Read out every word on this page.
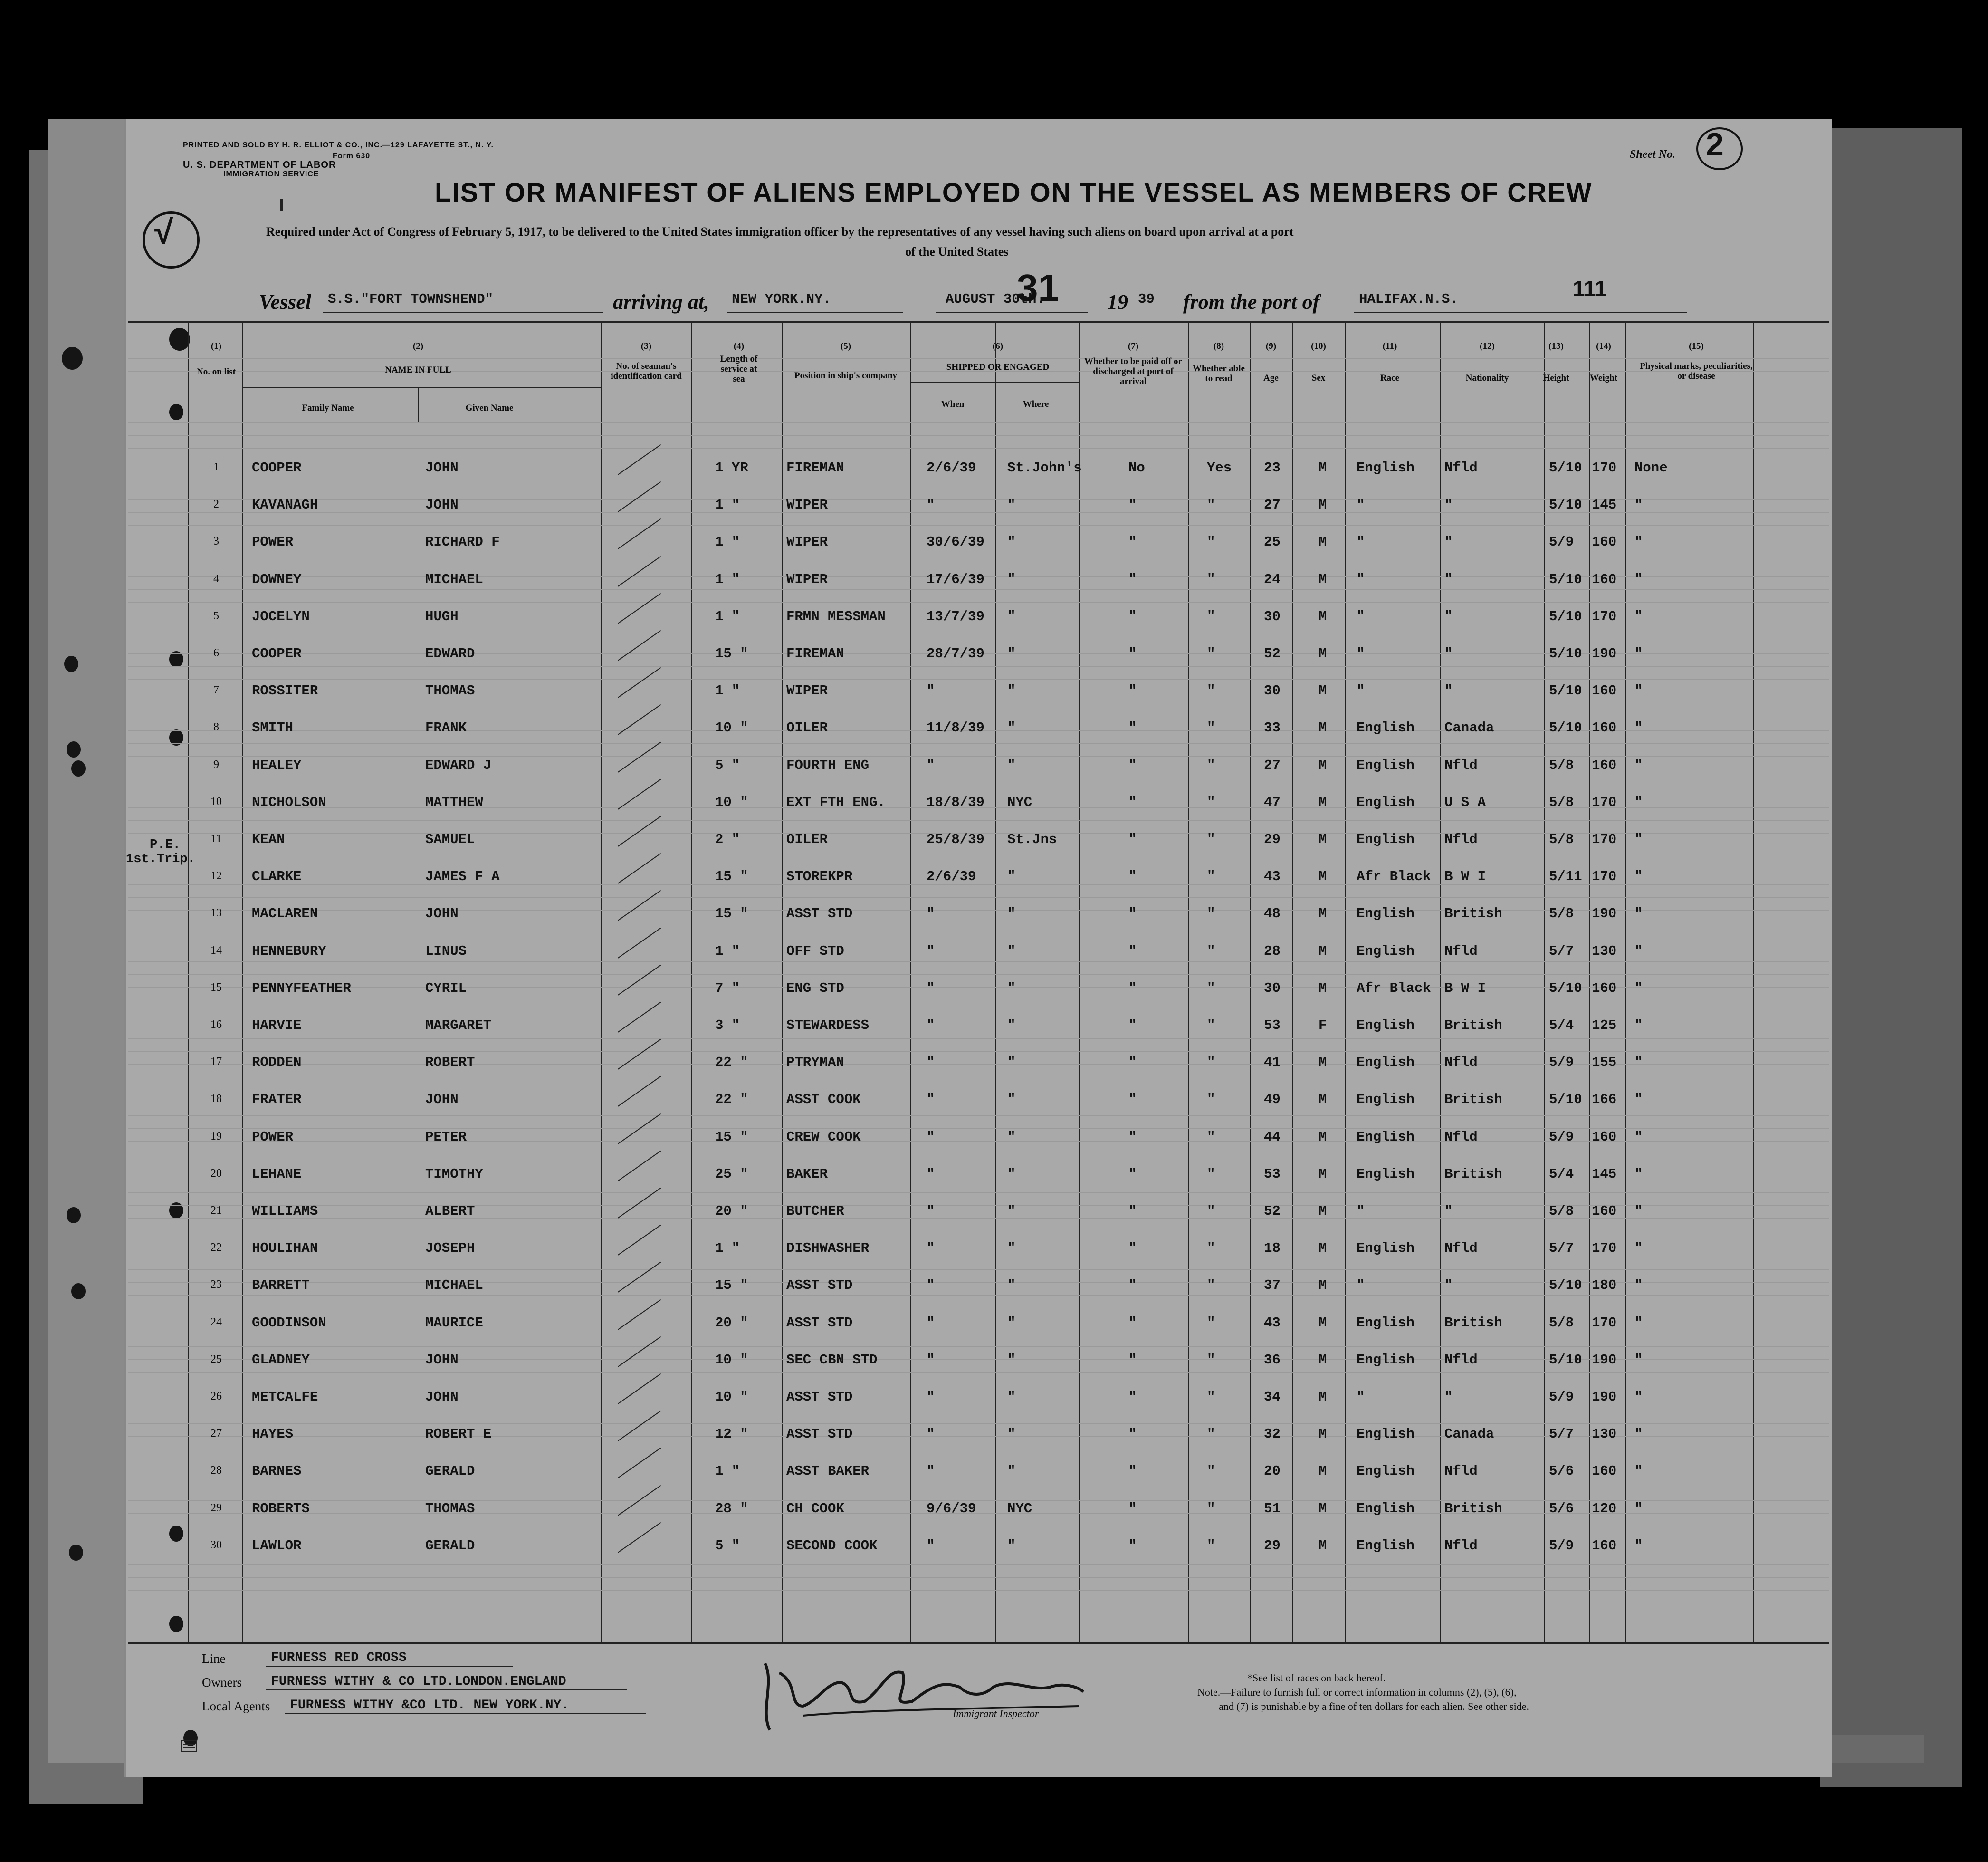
PRINTED AND SOLD BY H. R. ELLIOT & CO., INC.—129 LAFAYETTE ST., N. Y.
Form 630
U. S. DEPARTMENT OF LABOR
IMMIGRATION SERVICE
Sheet No. 2
√
LIST OR MANIFEST OF ALIENS EMPLOYED ON THE VESSEL AS MEMBERS OF CREW
Required under Act of Congress of February 5, 1917, to be delivered to the United States immigration officer by the representatives of any vessel having such aliens on board upon arrival at a port
of the United States
Vessel S.S."FORT TOWNSHEND"	arriving at, NEW YORK.NY.	AUGUST 30th.
31 19 39 from the port of	HALIFAX.N.S.	111
(1)
No. on list
(2)
NAME IN FULL
Family Name	Given Name
(3)
No. of seaman's identification card
(4)
Length of service at sea
(5)
Position in ship's company
(6)
SHIPPED OR ENGAGED
When	Where
(7)
Whether to be paid off or discharged at port of arrival
(8)
Whether able to read
(9)
Age
(10)
Sex
(11)
Race
(12)
Nationality
(13)
Height
(14)
Weight
(15)
Physical marks, peculiarities, or disease
P.E.
1st.Trip.
1	COOPER	JOHN	1 YR	FIREMAN	2/6/39 St.John's	No	Yes 23	M English Nfld	5/10 170 None
2	KAVANAGH	JOHN	1 "	WIPER	"	"	"	"	27	M "	"	5/10 145 "
3	POWER	RICHARD F	1 "	WIPER	30/6/39 "	"	"	25	M "	"	5/9 160 "
4	DOWNEY	MICHAEL	1 "	WIPER	17/6/39 "	"	"	24	M "	"	5/10 160 "
5	JOCELYN	HUGH	1 "	FRMN MESSMAN	13/7/39 "	"	"	30	M "	"	5/10 170 "
6	COOPER	EDWARD	15 "	FIREMAN	28/7/39 "	"	"	52	M "	"	5/10 190 "
7	ROSSITER	THOMAS	1 "	WIPER	"	"	"	"	30	M "	"	5/10 160 "
8	SMITH	FRANK	10 "	OILER	11/8/39 "	"	"	33	M English Canada	5/10 160 "
9	HEALEY	EDWARD J	5 "	FOURTH ENG	"	"	"	"	27	M English Nfld	5/8 160 "
10	NICHOLSON	MATTHEW	10 "	EXT FTH ENG.	18/8/39 NYC	"	"	47	M English U S A	5/8 170 "
11	KEAN	SAMUEL	2 "	OILER	25/8/39 St.Jns	"	"	29	M English Nfld	5/8 170 "
12	CLARKE	JAMES F A	15 "	STOREKPR	2/6/39 "	"	"	43	M Afr Black B W I	5/11 170 "
13	MACLAREN	JOHN	15 "	ASST STD	"	"	"	"	48	M English British	5/8 190 "
14	HENNEBURY	LINUS	1 "	OFF STD	"	"	"	"	28	M English Nfld	5/7 130 "
15	PENNYFEATHER	CYRIL	7 "	ENG STD	"	"	"	"	30	M Afr Black B W I	5/10 160 "
16	HARVIE	MARGARET	3 "	STEWARDESS	"	"	"	"	53	F English British	5/4 125 "
17	RODDEN	ROBERT	22 "	PTRYMAN	"	"	"	"	41	M English Nfld	5/9 155 "
18	FRATER	JOHN	22 "	ASST COOK	"	"	"	"	49	M English British	5/10 166 "
19	POWER	PETER	15 "	CREW COOK	"	"	"	"	44	M English Nfld	5/9 160 "
20	LEHANE	TIMOTHY	25 "	BAKER	"	"	"	"	53	M English British	5/4 145 "
21	WILLIAMS	ALBERT	20 "	BUTCHER	"	"	"	"	52	M "	"	5/8 160 "
22	HOULIHAN	JOSEPH	1 "	DISHWASHER	"	"	"	"	18	M English Nfld	5/7 170 "
23	BARRETT	MICHAEL	15 "	ASST STD	"	"	"	"	37	M "	"	5/10 180 "
24	GOODINSON	MAURICE	20 "	ASST STD	"	"	"	"	43	M English British	5/8 170 "
25	GLADNEY	JOHN	10 "	SEC CBN STD	"	"	"	"	36	M English Nfld	5/10 190 "
26	METCALFE	JOHN	10 "	ASST STD	"	"	"	"	34	M "	"	5/9 190 "
27	HAYES	ROBERT E	12 "	ASST STD	"	"	"	"	32	M English Canada	5/7 130 "
28	BARNES	GERALD	1 "	ASST BAKER	"	"	"	"	20	M English Nfld	5/6 160 "
29	ROBERTS	THOMAS	28 "	CH COOK	9/6/39 NYC	"	"	51	M English British	5/6 120 "
30	LAWLOR	GERALD	5 "	SECOND COOK	"	"	"	"	29	M English Nfld	5/9 160 "
Line	FURNESS RED CROSS
Owners FURNESS WITHY & CO LTD.LONDON.ENGLAND
Local Agents FURNESS WITHY &CO LTD. NEW YORK.NY.
Immigrant Inspector
*See list of races on back hereof.
Note.—Failure to furnish full or correct information in columns (2), (5), (6),
and (7) is punishable by a fine of ten dollars for each alien. See other side.
